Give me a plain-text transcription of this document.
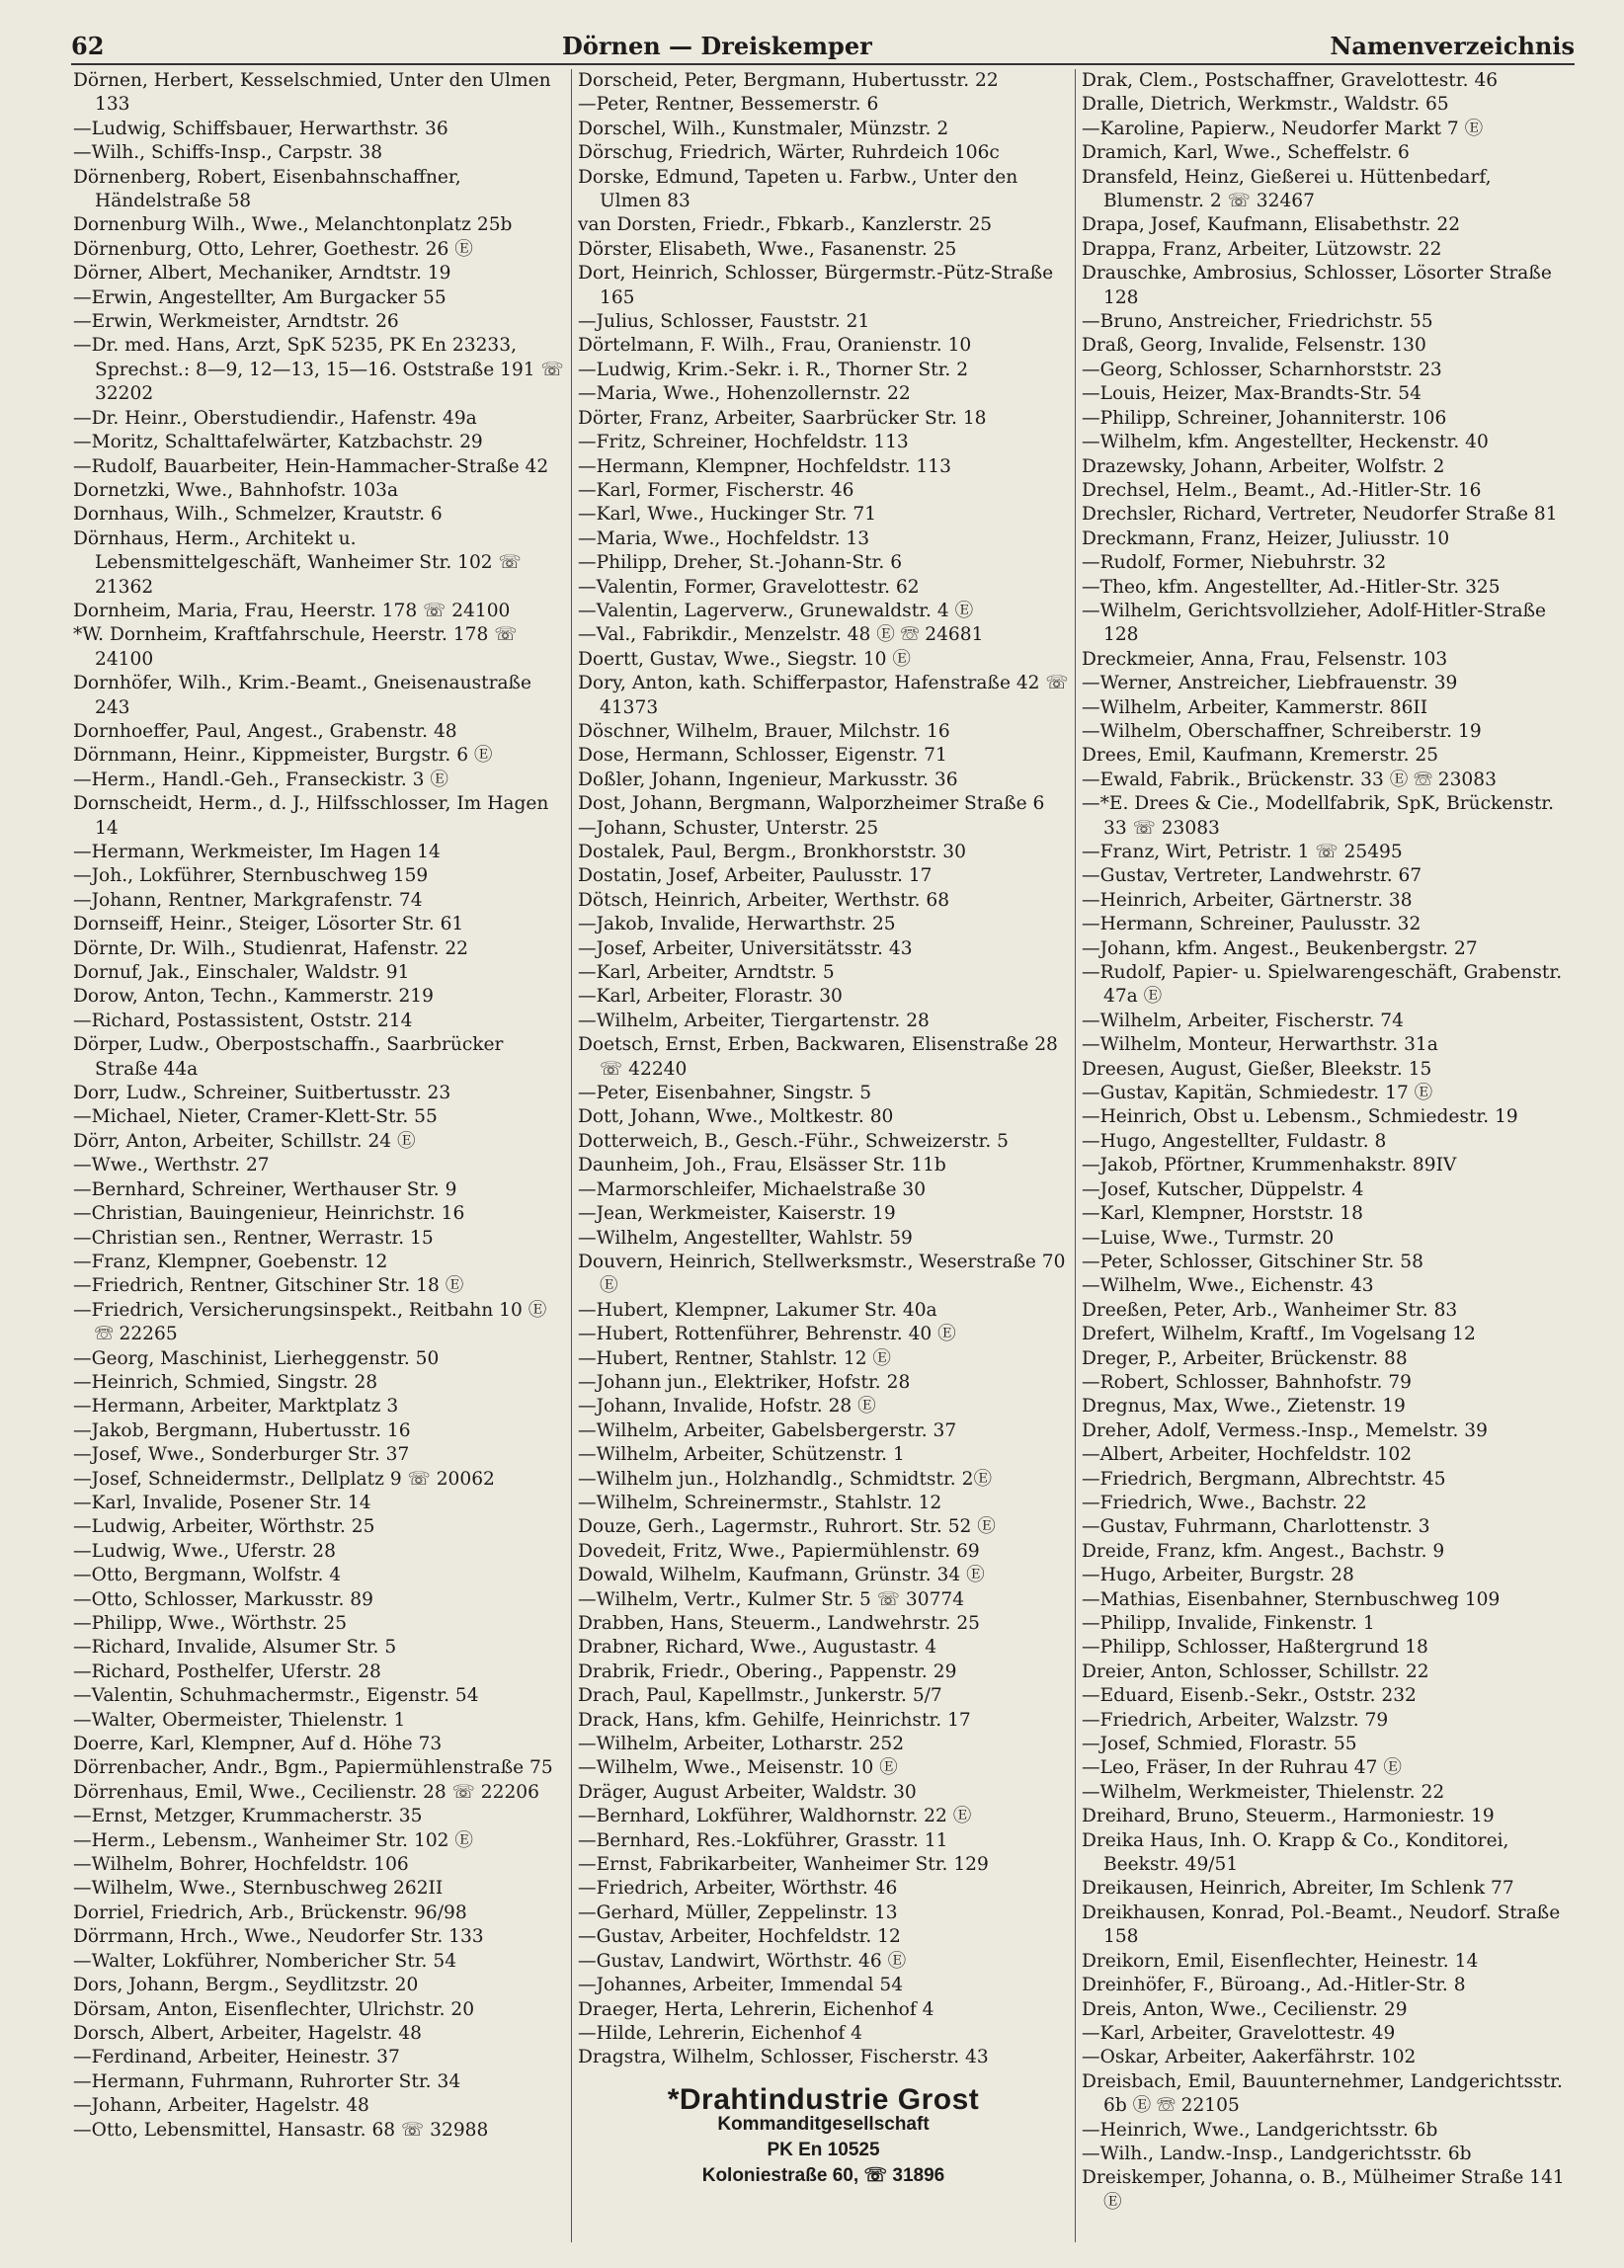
62	Dörnen — Dreiskemper	Namenverzeichnis

Dörnen, Herbert, Kesselschmied, Unter den Ulmen 133

—Ludwig, Schiffsbauer, Herwarthstr. 36

—Wilh., Schiffs-Insp., Carpstr. 38

Dörnenberg, Robert, Eisenbahnschaffner, Händelstraße 58

Dornenburg Wilh., Wwe., Melanchtonplatz 25b

Dörnenburg, Otto, Lehrer, Goethestr. 26 Ⓔ

Dörner, Albert, Mechaniker, Arndtstr. 19

—Erwin, Angestellter, Am Burgacker 55

—Erwin, Werkmeister, Arndtstr. 26

—Dr. med. Hans, Arzt, SpK 5235, PK En 23233, Sprechst.: 8—9, 12—13, 15—16. Oststraße 191 ☏ 32202

—Dr. Heinr., Oberstudiendir., Hafenstr. 49a

—Moritz, Schalttafelwärter, Katzbachstr. 29

—Rudolf, Bauarbeiter, Hein-Hammacher-Straße 42

Dornetzki, Wwe., Bahnhofstr. 103a

Dornhaus, Wilh., Schmelzer, Krautstr. 6

Dörnhaus, Herm., Architekt u. Lebensmittelgeschäft, Wanheimer Str. 102 ☏ 21362

Dornheim, Maria, Frau, Heerstr. 178 ☏ 24100

*W. Dornheim, Kraftfahrschule, Heerstr. 178 ☏ 24100

Dornhöfer, Wilh., Krim.-Beamt., Gneisenaustraße 243

Dornhoeffer, Paul, Angest., Grabenstr. 48

Dörnmann, Heinr., Kippmeister, Burgstr. 6 Ⓔ

—Herm., Handl.-Geh., Franseckistr. 3 Ⓔ

Dornscheidt, Herm., d. J., Hilfsschlosser, Im Hagen 14

—Hermann, Werkmeister, Im Hagen 14

—Joh., Lokführer, Sternbuschweg 159

—Johann, Rentner, Markgrafenstr. 74

Dornseiff, Heinr., Steiger, Lösorter Str. 61

Dörnte, Dr. Wilh., Studienrat, Hafenstr. 22

Dornuf, Jak., Einschaler, Waldstr. 91

Dorow, Anton, Techn., Kammerstr. 219

—Richard, Postassistent, Oststr. 214

Dörper, Ludw., Oberpostschaffn., Saarbrücker Straße 44a

Dorr, Ludw., Schreiner, Suitbertusstr. 23

—Michael, Nieter, Cramer-Klett-Str. 55

Dörr, Anton, Arbeiter, Schillstr. 24 Ⓔ

—Wwe., Werthstr. 27

—Bernhard, Schreiner, Werthauser Str. 9

—Christian, Bauingenieur, Heinrichstr. 16

—Christian sen., Rentner, Werrastr. 15

—Franz, Klempner, Goebenstr. 12

—Friedrich, Rentner, Gitschiner Str. 18 Ⓔ

—Friedrich, Versicherungsinspekt., Reitbahn 10 Ⓔ ☏ 22265

—Georg, Maschinist, Lierheggenstr. 50

—Heinrich, Schmied, Singstr. 28

—Hermann, Arbeiter, Marktplatz 3

—Jakob, Bergmann, Hubertusstr. 16

—Josef, Wwe., Sonderburger Str. 37

—Josef, Schneidermstr., Dellplatz 9 ☏ 20062

—Karl, Invalide, Posener Str. 14

—Ludwig, Arbeiter, Wörthstr. 25

—Ludwig, Wwe., Uferstr. 28

—Otto, Bergmann, Wolfstr. 4

—Otto, Schlosser, Markusstr. 89

—Philipp, Wwe., Wörthstr. 25

—Richard, Invalide, Alsumer Str. 5

—Richard, Posthelfer, Uferstr. 28

—Valentin, Schuhmachermstr., Eigenstr. 54

—Walter, Obermeister, Thielenstr. 1

Doerre, Karl, Klempner, Auf d. Höhe 73

Dörrenbacher, Andr., Bgm., Papiermühlenstraße 75

Dörrenhaus, Emil, Wwe., Cecilienstr. 28 ☏ 22206

—Ernst, Metzger, Krummacherstr. 35

—Herm., Lebensm., Wanheimer Str. 102 Ⓔ

—Wilhelm, Bohrer, Hochfeldstr. 106

—Wilhelm, Wwe., Sternbuschweg 262II

Dorriel, Friedrich, Arb., Brückenstr. 96/98

Dörrmann, Hrch., Wwe., Neudorfer Str. 133

—Walter, Lokführer, Nombericher Str. 54

Dors, Johann, Bergm., Seydlitzstr. 20

Dörsam, Anton, Eisenflechter, Ulrichstr. 20

Dorsch, Albert, Arbeiter, Hagelstr. 48

—Ferdinand, Arbeiter, Heinestr. 37

—Hermann, Fuhrmann, Ruhrorter Str. 34

—Johann, Arbeiter, Hagelstr. 48

—Otto, Lebensmittel, Hansastr. 68 ☏ 32988

Dorscheid, Peter, Bergmann, Hubertusstr. 22

—Peter, Rentner, Bessemerstr. 6

Dorschel, Wilh., Kunstmaler, Münzstr. 2

Dörschug, Friedrich, Wärter, Ruhrdeich 106c

Dorske, Edmund, Tapeten u. Farbw., Unter den Ulmen 83

van Dorsten, Friedr., Fbkarb., Kanzlerstr. 25

Dörster, Elisabeth, Wwe., Fasanenstr. 25

Dort, Heinrich, Schlosser, Bürgermstr.-Pütz-Straße 165

—Julius, Schlosser, Fauststr. 21

Dörtelmann, F. Wilh., Frau, Oranienstr. 10

—Ludwig, Krim.-Sekr. i. R., Thorner Str. 2

—Maria, Wwe., Hohenzollernstr. 22

Dörter, Franz, Arbeiter, Saarbrücker Str. 18

—Fritz, Schreiner, Hochfeldstr. 113

—Hermann, Klempner, Hochfeldstr. 113

—Karl, Former, Fischerstr. 46

—Karl, Wwe., Huckinger Str. 71

—Maria, Wwe., Hochfeldstr. 13

—Philipp, Dreher, St.-Johann-Str. 6

—Valentin, Former, Gravelottestr. 62

—Valentin, Lagerverw., Grunewaldstr. 4 Ⓔ

—Val., Fabrikdir., Menzelstr. 48 Ⓔ ☏ 24681

Doertt, Gustav, Wwe., Siegstr. 10 Ⓔ

Dory, Anton, kath. Schifferpastor, Hafenstraße 42 ☏ 41373

Döschner, Wilhelm, Brauer, Milchstr. 16

Dose, Hermann, Schlosser, Eigenstr. 71

Doßler, Johann, Ingenieur, Markusstr. 36

Dost, Johann, Bergmann, Walporzheimer Straße 6

—Johann, Schuster, Unterstr. 25

Dostalek, Paul, Bergm., Bronkhorststr. 30

Dostatin, Josef, Arbeiter, Paulusstr. 17

Dötsch, Heinrich, Arbeiter, Werthstr. 68

—Jakob, Invalide, Herwarthstr. 25

—Josef, Arbeiter, Universitätsstr. 43

—Karl, Arbeiter, Arndtstr. 5

—Karl, Arbeiter, Florastr. 30

—Wilhelm, Arbeiter, Tiergartenstr. 28

Doetsch, Ernst, Erben, Backwaren, Elisenstraße 28 ☏ 42240

—Peter, Eisenbahner, Singstr. 5

Dott, Johann, Wwe., Moltkestr. 80

Dotterweich, B., Gesch.-Führ., Schweizerstr. 5

Daunheim, Joh., Frau, Elsässer Str. 11b

—Marmorschleifer, Michaelstraße 30

—Jean, Werkmeister, Kaiserstr. 19

—Wilhelm, Angestellter, Wahlstr. 59

Douvern, Heinrich, Stellwerksmstr., Weserstraße 70 Ⓔ

—Hubert, Klempner, Lakumer Str. 40a

—Hubert, Rottenführer, Behrenstr. 40 Ⓔ

—Hubert, Rentner, Stahlstr. 12 Ⓔ

—Johann jun., Elektriker, Hofstr. 28

—Johann, Invalide, Hofstr. 28 Ⓔ

—Wilhelm, Arbeiter, Gabelsbergerstr. 37

—Wilhelm, Arbeiter, Schützenstr. 1

—Wilhelm jun., Holzhandlg., Schmidtstr. 2Ⓔ

—Wilhelm, Schreinermstr., Stahlstr. 12

Douze, Gerh., Lagermstr., Ruhrort. Str. 52 Ⓔ

Dovedeit, Fritz, Wwe., Papiermühlenstr. 69

Dowald, Wilhelm, Kaufmann, Grünstr. 34 Ⓔ

—Wilhelm, Vertr., Kulmer Str. 5 ☏ 30774

Drabben, Hans, Steuerm., Landwehrstr. 25

Drabner, Richard, Wwe., Augustastr. 4

Drabrik, Friedr., Obering., Pappenstr. 29

Drach, Paul, Kapellmstr., Junkerstr. 5/7

Drack, Hans, kfm. Gehilfe, Heinrichstr. 17

—Wilhelm, Arbeiter, Lotharstr. 252

—Wilhelm, Wwe., Meisenstr. 10 Ⓔ

Dräger, August Arbeiter, Waldstr. 30

—Bernhard, Lokführer, Waldhornstr. 22 Ⓔ

—Bernhard, Res.-Lokführer, Grasstr. 11

—Ernst, Fabrikarbeiter, Wanheimer Str. 129

—Friedrich, Arbeiter, Wörthstr. 46

—Gerhard, Müller, Zeppelinstr. 13

—Gustav, Arbeiter, Hochfeldstr. 12

—Gustav, Landwirt, Wörthstr. 46 Ⓔ

—Johannes, Arbeiter, Immendal 54

Draeger, Herta, Lehrerin, Eichenhof 4

—Hilde, Lehrerin, Eichenhof 4

Dragstra, Wilhelm, Schlosser, Fischerstr. 43

*Drahtindustrie Grost
Kommanditgesellschaft
PK En 10525
Koloniestraße 60, ☏ 31896

Drak, Clem., Postschaffner, Gravelottestr. 46

Dralle, Dietrich, Werkmstr., Waldstr. 65

—Karoline, Papierw., Neudorfer Markt 7 Ⓔ

Dramich, Karl, Wwe., Scheffelstr. 6

Dransfeld, Heinz, Gießerei u. Hüttenbedarf, Blumenstr. 2 ☏ 32467

Drapa, Josef, Kaufmann, Elisabethstr. 22

Drappa, Franz, Arbeiter, Lützowstr. 22

Drauschke, Ambrosius, Schlosser, Lösorter Straße 128

—Bruno, Anstreicher, Friedrichstr. 55

Draß, Georg, Invalide, Felsenstr. 130

—Georg, Schlosser, Scharnhorststr. 23

—Louis, Heizer, Max-Brandts-Str. 54

—Philipp, Schreiner, Johanniterstr. 106

—Wilhelm, kfm. Angestellter, Heckenstr. 40

Drazewsky, Johann, Arbeiter, Wolfstr. 2

Drechsel, Helm., Beamt., Ad.-Hitler-Str. 16

Drechsler, Richard, Vertreter, Neudorfer Straße 81

Dreckmann, Franz, Heizer, Juliusstr. 10

—Rudolf, Former, Niebuhrstr. 32

—Theo, kfm. Angestellter, Ad.-Hitler-Str. 325

—Wilhelm, Gerichtsvollzieher, Adolf-Hitler-Straße 128

Dreckmeier, Anna, Frau, Felsenstr. 103

—Werner, Anstreicher, Liebfrauenstr. 39

—Wilhelm, Arbeiter, Kammerstr. 86II

—Wilhelm, Oberschaffner, Schreiberstr. 19

Drees, Emil, Kaufmann, Kremerstr. 25

—Ewald, Fabrik., Brückenstr. 33 Ⓔ ☏ 23083

—*E. Drees & Cie., Modellfabrik, SpK, Brückenstr. 33 ☏ 23083

—Franz, Wirt, Petristr. 1 ☏ 25495

—Gustav, Vertreter, Landwehrstr. 67

—Heinrich, Arbeiter, Gärtnerstr. 38

—Hermann, Schreiner, Paulusstr. 32

—Johann, kfm. Angest., Beukenbergstr. 27

—Rudolf, Papier- u. Spielwarengeschäft, Grabenstr. 47a Ⓔ

—Wilhelm, Arbeiter, Fischerstr. 74

—Wilhelm, Monteur, Herwarthstr. 31a

Dreesen, August, Gießer, Bleekstr. 15

—Gustav, Kapitän, Schmiedestr. 17 Ⓔ

—Heinrich, Obst u. Lebensm., Schmiedestr. 19

—Hugo, Angestellter, Fuldastr. 8

—Jakob, Pförtner, Krummenhakstr. 89IV

—Josef, Kutscher, Düppelstr. 4

—Karl, Klempner, Horststr. 18

—Luise, Wwe., Turmstr. 20

—Peter, Schlosser, Gitschiner Str. 58

—Wilhelm, Wwe., Eichenstr. 43

Dreeßen, Peter, Arb., Wanheimer Str. 83

Drefert, Wilhelm, Kraftf., Im Vogelsang 12

Dreger, P., Arbeiter, Brückenstr. 88

—Robert, Schlosser, Bahnhofstr. 79

Dregnus, Max, Wwe., Zietenstr. 19

Dreher, Adolf, Vermess.-Insp., Memelstr. 39

—Albert, Arbeiter, Hochfeldstr. 102

—Friedrich, Bergmann, Albrechtstr. 45

—Friedrich, Wwe., Bachstr. 22

—Gustav, Fuhrmann, Charlottenstr. 3

Dreide, Franz, kfm. Angest., Bachstr. 9

—Hugo, Arbeiter, Burgstr. 28

—Mathias, Eisenbahner, Sternbuschweg 109

—Philipp, Invalide, Finkenstr. 1

—Philipp, Schlosser, Haßtergrund 18

Dreier, Anton, Schlosser, Schillstr. 22

—Eduard, Eisenb.-Sekr., Oststr. 232

—Friedrich, Arbeiter, Walzstr. 79

—Josef, Schmied, Florastr. 55

—Leo, Fräser, In der Ruhrau 47 Ⓔ

—Wilhelm, Werkmeister, Thielenstr. 22

Dreihard, Bruno, Steuerm., Harmoniestr. 19

Dreika Haus, Inh. O. Krapp & Co., Konditorei, Beekstr. 49/51

Dreikausen, Heinrich, Abreiter, Im Schlenk 77

Dreikhausen, Konrad, Pol.-Beamt., Neudorf. Straße 158

Dreikorn, Emil, Eisenflechter, Heinestr. 14

Dreinhöfer, F., Büroang., Ad.-Hitler-Str. 8

Dreis, Anton, Wwe., Cecilienstr. 29

—Karl, Arbeiter, Gravelottestr. 49

—Oskar, Arbeiter, Aakerfährstr. 102

Dreisbach, Emil, Bauunternehmer, Landgerichtsstr. 6b Ⓔ ☏ 22105

—Heinrich, Wwe., Landgerichtsstr. 6b

—Wilh., Landw.-Insp., Landgerichtsstr. 6b

Dreiskemper, Johanna, o. B., Mülheimer Straße 141 Ⓔ
